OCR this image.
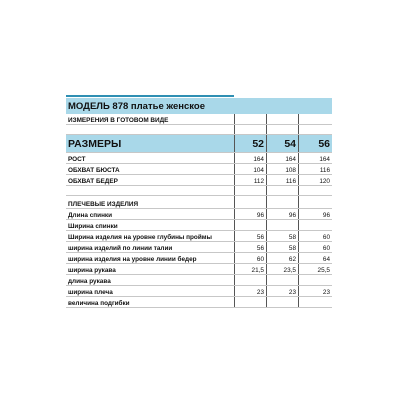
МОДЕЛЬ 878 платье женское
ИЗМЕРЕНИЯ В ГОТОВОМ ВИДЕ
РАЗМЕРЫ	52	54	56
РОСТ	164	164	164
ОБХВАТ БЮСТА	104	108	116
ОБХВАТ БЕДЕР	112	116	120
ПЛЕЧЕВЫЕ ИЗДЕЛИЯ
Длина спинки	96	96	96
Ширина спинки
Ширина изделия на уровне глубины проймы	56	58	60
ширина изделий по линии талии	56	58	60
ширина изделия на уровне линии бедер	60	62	64
ширина рукава	21,5	23,5	25,5
длина рукава
ширина плеча	23	23	23
величина подгибки
